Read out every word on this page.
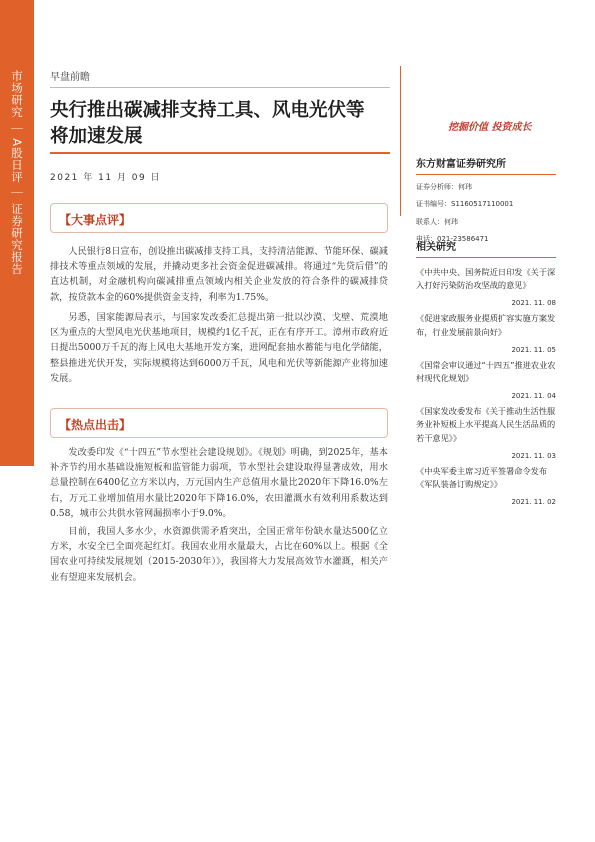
市场研究 ｜ A股日评 ｜ 证券研究报告	早盘前瞻
央行推出碳减排支持工具、风电光伏等
将加速发展
2021 年 11 月 09 日
挖掘价值 投资成长
东方财富证券研究所
证券分析师：何玮
证书编号：S1160517110001
联系人：何玮
电话：021-23586471
相关研究
《中共中央、国务院近日印发《关于深入打好污染防治攻坚战的意见》
2021. 11. 08
《促进家政服务业提质扩容实施方案发布，行业发展前景向好》
2021. 11. 05
《国常会审议通过“十四五”推进农业农村现代化规划》
2021. 11. 04
《国家发改委发布《关于推动生活性服务业补短板上水平提高人民生活品质的若干意见》》
2021. 11. 03
《中央军委主席习近平签署命令发布《军队装备订购规定》》
2021. 11. 02
【大事点评】
人民银行8日宣布，创设推出碳减排支持工具，支持清洁能源、节能环保、碳减排技术等重点领域的发展，并撬动更多社会资金促进碳减排。将通过“先贷后借”的直达机制，对金融机构向碳减排重点领域内相关企业发放的符合条件的碳减排贷款，按贷款本金的60%提供资金支持，利率为1.75%。
另悉，国家能源局表示，与国家发改委汇总提出第一批以沙漠、戈壁、荒漠地区为重点的大型风电光伏基地项目，规模约1亿千瓦，正在有序开工。漳州市政府近日提出5000万千瓦的海上风电大基地开发方案，进网配套抽水蓄能与电化学储能，整县推进光伏开发，实际规模将达到6000万千瓦，风电和光伏等新能源产业将加速发展。
【热点出击】
发改委印发《“十四五”节水型社会建设规划》。《规划》明确，到2025年，基本补齐节约用水基础设施短板和监管能力弱项，节水型社会建设取得显著成效，用水总量控制在6400亿立方米以内，万元国内生产总值用水量比2020年下降16.0%左右，万元工业增加值用水量比2020年下降16.0%，农田灌溉水有效利用系数达到0.58，城市公共供水管网漏损率小于9.0%。
目前，我国人多水少，水资源供需矛盾突出，全国正常年份缺水量达500亿立方米，水安全已全面亮起红灯。我国农业用水量最大，占比在60%以上。根据《全国农业可持续发展规划（2015-2030年）》，我国将大力发展高效节水灌溉，相关产业有望迎来发展机会。
